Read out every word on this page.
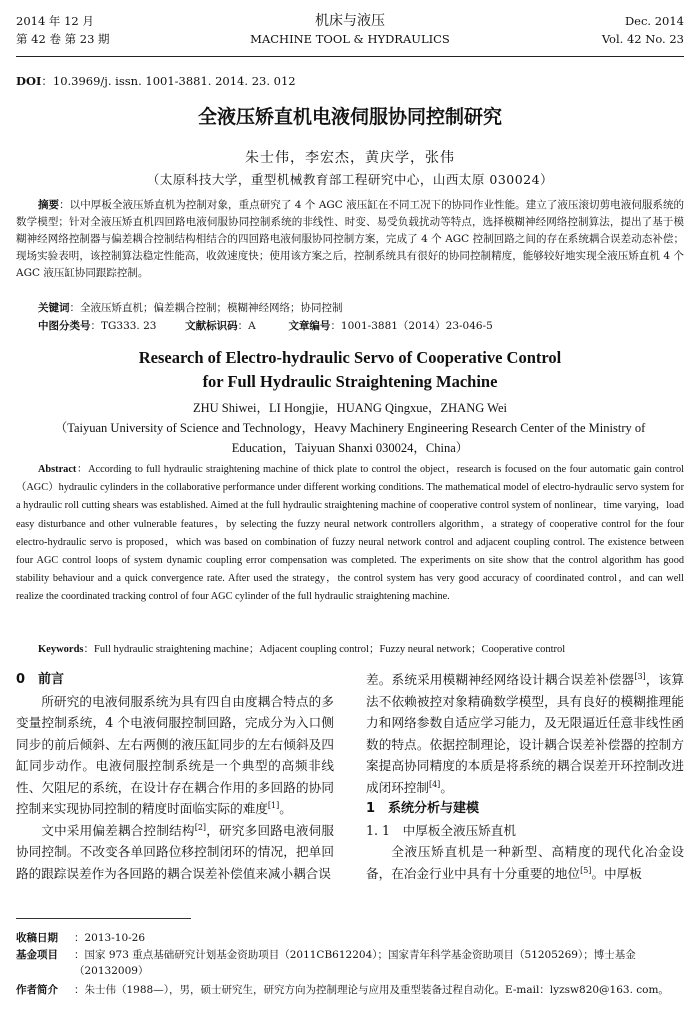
2014 年 12 月
第 42 卷 第 23 期
机床与液压
MACHINE TOOL & HYDRAULICS
Dec. 2014
Vol. 42 No. 23
DOI：10.3969/j. issn. 1001-3881. 2014. 23. 012
全液压矫直机电液伺服协同控制研究
朱士伟，李宏杰，黄庆学，张伟
（太原科技大学，重型机械教育部工程研究中心，山西太原 030024）
摘要：以中厚板全液压矫直机为控制对象，重点研究了 4 个 AGC 液压缸在不同工况下的协同作业性能。建立了液压滚切剪电液伺服系统的数学模型；针对全液压矫直机四回路电液伺服协同控制系统的非线性、时变、易受负载扰动等特点，选择模糊神经网络控制算法，提出了基于模糊神经网络控制器与偏差耦合控制结构相结合的四回路电液伺服协同控制方案，完成了 4 个 AGC 控制回路之间的存在系统耦合误差动态补偿；现场实验表明，该控制算法稳定性能高，收敛速度快；使用该方案之后，控制系统具有很好的协同控制精度，能够较好地实现全液压矫直机 4 个 AGC 液压缸协同跟踪控制。
关键词：全液压矫直机；偏差耦合控制；模糊神经网络；协同控制
中图分类号：TG333. 23	文献标识码：A	文章编号：1001-3881（2014）23-046-5
Research of Electro-hydraulic Servo of Cooperative Control
for Full Hydraulic Straightening Machine
ZHU Shiwei，LI Hongjie，HUANG Qingxue，ZHANG Wei
（Taiyuan University of Science and Technology，Heavy Machinery Engineering Research Center of the Ministry of Education，Taiyuan Shanxi 030024，China）
Abstract：According to full hydraulic straightening machine of thick plate to control the object，research is focused on the four automatic gain control（AGC）hydraulic cylinders in the collaborative performance under different working conditions. The mathematical model of electro-hydraulic servo system for a hydraulic roll cutting shears was established. Aimed at the full hydraulic straightening machine of cooperative control system of nonlinear，time varying，load easy disturbance and other vulnerable features，by selecting the fuzzy neural network controllers algorithm，a strategy of cooperative control for the four electro-hydraulic servo is proposed，which was based on combination of fuzzy neural network control and adjacent coupling control. The existence between four AGC control loops of system dynamic coupling error compensation was completed. The experiments on site show that the control algorithm has good stability behaviour and a quick convergence rate. After used the strategy，the control system has very good accuracy of coordinated control，and can well realize the coordinated tracking control of four AGC cylinder of the full hydraulic straightening machine.
Keywords：Full hydraulic straightening machine；Adjacent coupling control；Fuzzy neural network；Cooperative control
0　前言

所研究的电液伺服系统为具有四自由度耦合特点的多变量控制系统，4 个电液伺服控制回路，完成分为入口侧同步的前后倾斜、左右两侧的液压缸同步的左右倾斜及四缸同步动作。电液伺服控制系统是一个典型的高频非线性、欠阻尼的系统，在设计存在耦合作用的多回路的协同控制来实现协同控制的精度时面临实际的难度[1]。

文中采用偏差耦合控制结构[2]，研究多回路电液伺服协同控制。不改变各单回路位移控制闭环的情况，把单回路的跟踪误差作为各回路的耦合误差补偿值来减小耦合误

差。系统采用模糊神经网络设计耦合误差补偿器[3]，该算法不依赖被控对象精确数学模型，具有良好的模糊推理能力和网络参数自适应学习能力，及无限逼近任意非线性函数的特点。依据控制理论，设计耦合误差补偿器的控制方案提高协同精度的本质是将系统的耦合误差开环控制改进成闭环控制[4]。

1　系统分析与建模
1. 1　中厚板全液压矫直机

全液压矫直机是一种新型、高精度的现代化冶金设备，在冶金行业中具有十分重要的地位[5]。中厚板

收稿日期 ：2013-10-26
基金项目 ：国家 973 重点基础研究计划基金资助项目（2011CB612204）；国家青年科学基金资助项目（51205269）；博士基金（20132009）
作者简介 ：朱士伟（1988—），男，硕士研究生，研究方向为控制理论与应用及重型装备过程自动化。E-mail：lyzsw820@163. com。
